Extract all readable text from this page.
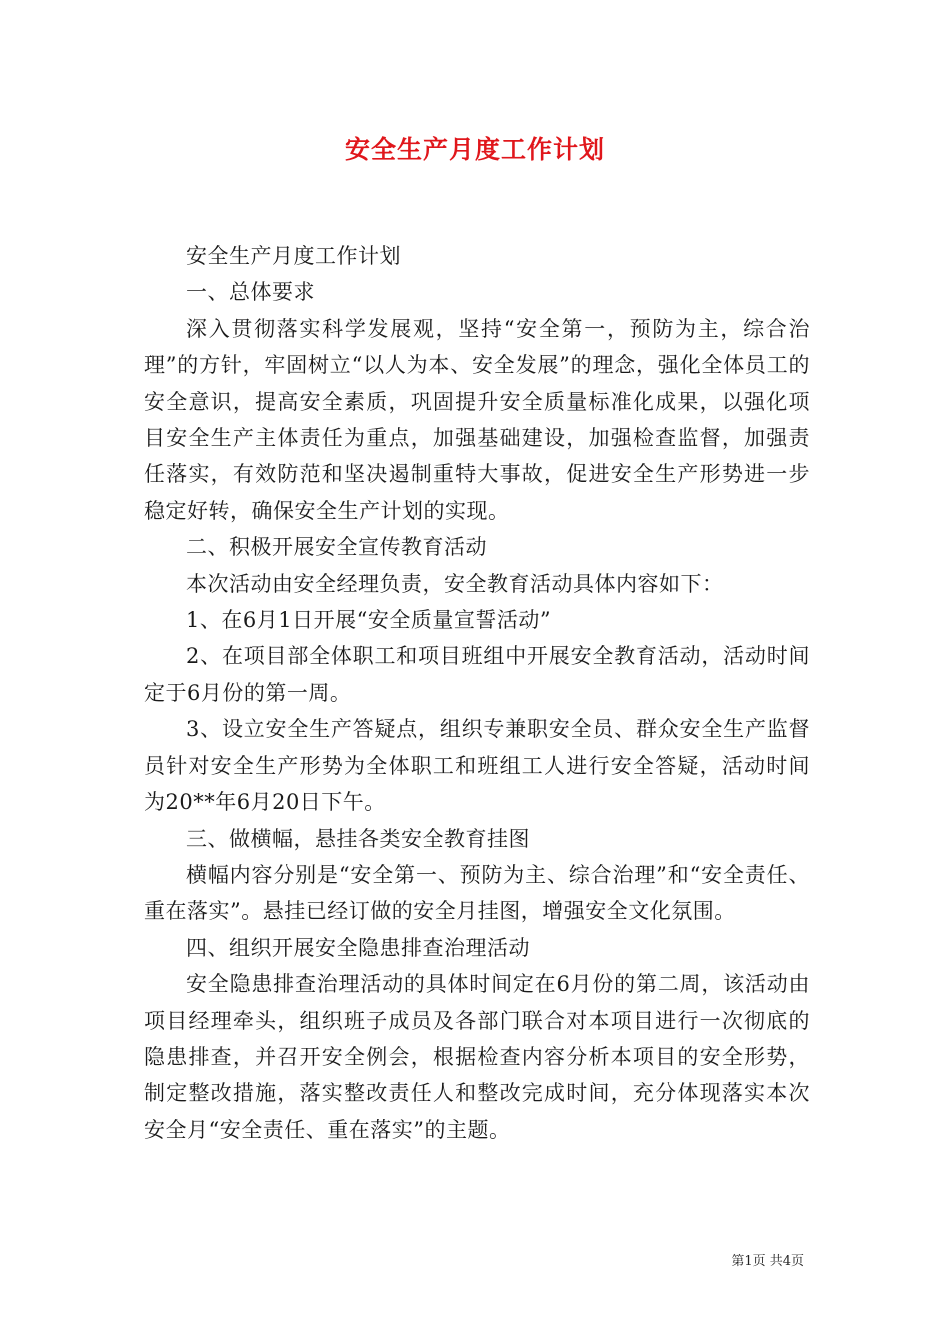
安全生产月度工作计划

安全生产月度工作计划

一、总体要求

深入贯彻落实科学发展观，坚持“安全第一，预防为主，综合治理”的方针，牢固树立“以人为本、安全发展”的理念，强化全体员工的安全意识，提高安全素质，巩固提升安全质量标准化成果，以强化项目安全生产主体责任为重点，加强基础建设，加强检查监督，加强责任落实，有效防范和坚决遏制重特大事故，促进安全生产形势进一步稳定好转，确保安全生产计划的实现。

二、积极开展安全宣传教育活动

本次活动由安全经理负责，安全教育活动具体内容如下：

1、在6月1日开展“安全质量宣誓活动”

2、在项目部全体职工和项目班组中开展安全教育活动，活动时间定于6月份的第一周。

3、设立安全生产答疑点，组织专兼职安全员、群众安全生产监督员针对安全生产形势为全体职工和班组工人进行安全答疑，活动时间为20**年6月20日下午。

三、做横幅，悬挂各类安全教育挂图

横幅内容分别是“安全第一、预防为主、综合治理”和“安全责任、重在落实”。悬挂已经订做的安全月挂图，增强安全文化氛围。

四、组织开展安全隐患排查治理活动

安全隐患排查治理活动的具体时间定在6月份的第二周，该活动由项目经理牵头，组织班子成员及各部门联合对本项目进行一次彻底的隐患排查，并召开安全例会，根据检查内容分析本项目的安全形势，制定整改措施，落实整改责任人和整改完成时间，充分体现落实本次安全月“安全责任、重在落实”的主题。

第1页 共4页
